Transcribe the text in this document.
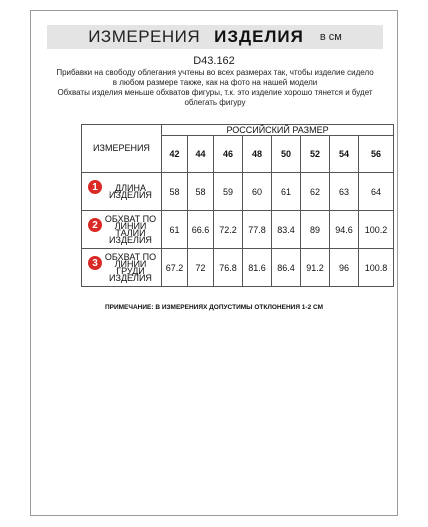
ИЗМЕРЕНИЯ ИЗДЕЛИЯ в см
D43.162

Прибавки на свободу облегания учтены во всех размерах так, чтобы изделие сидело в любом размере также, как на фото на нашей модели

Обхваты изделия меньше обхватов фигуры, т.к. это изделие хорошо тянется и будет облегать фигуру

ИЗМЕРЕНИЯ	РОССИЙСКИЙ РАЗМЕР							
	42	44	46	48	50	52	54	56
ДЛИНА ИЗДЕЛИЯ	58	58	59	60	61	62	63	64
ОБХВАТ ПО ЛИНИИ ТАЛИИ ИЗДЕЛИЯ	61	66.6	72.2	77.8	83.4	89	94.6	100.2
ОБХВАТ ПО ЛИНИИ ГРУДИ ИЗДЕЛИЯ	67.2	72	76.8	81.6	86.4	91.2	96	100.8
1
2
3
ПРИМЕЧАНИЕ: В ИЗМЕРЕНИЯХ ДОПУСТИМЫ ОТКЛОНЕНИЯ 1-2 СМ
